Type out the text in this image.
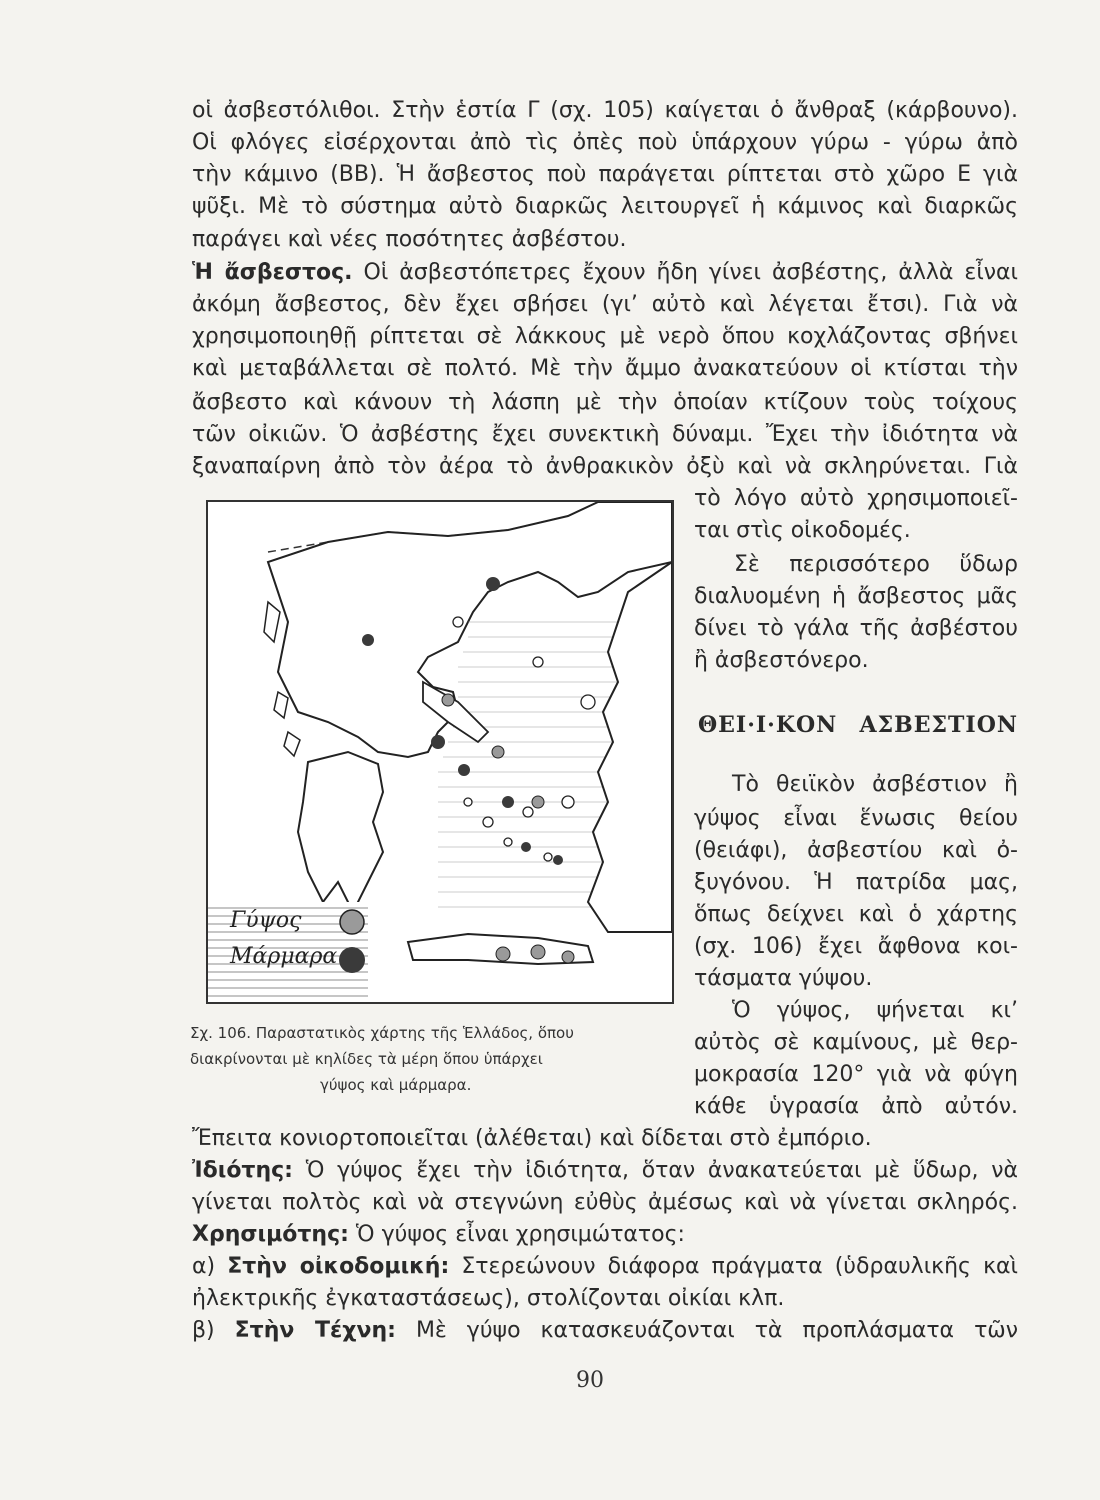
οἱ ἀσβεστόλιθοι. Στὴν ἑστία Γ (σχ. 105) καίγεται ὁ ἄνθραξ (κάρβουνο).
Οἱ φλόγες εἰσέρχονται ἀπὸ τὶς ὀπὲς ποὺ ὑπάρχουν γύρω - γύρω ἀπὸ
τὴν κάμινο (ΒΒ). Ἡ ἄσβεστος ποὺ παράγεται ρίπτεται στὸ χῶρο Ε γιὰ
ψῦξι. Μὲ τὸ σύστημα αὐτὸ διαρκῶς λειτουργεῖ ἡ κάμινος καὶ διαρκῶς
παράγει καὶ νέες ποσότητες ἀσβέστου.
Ἡ ἄσβεστος. Οἱ ἀσβεστόπετρες ἔχουν ἤδη γίνει ἀσβέστης, ἀλλὰ εἶναι
ἀκόμη ἄσβεστος, δὲν ἔχει σβήσει (γι’ αὐτὸ καὶ λέγεται ἔτσι). Γιὰ νὰ
χρησιμοποιηθῇ ρίπτεται σὲ λάκκους μὲ νερὸ ὅπου κοχλάζοντας σβήνει
καὶ μεταβάλλεται σὲ πολτό. Μὲ τὴν ἄμμο ἀνακατεύουν οἱ κτίσται τὴν
ἄσβεστο καὶ κάνουν τὴ λάσπη μὲ τὴν ὁποίαν κτίζουν τοὺς τοίχους
τῶν οἰκιῶν. Ὁ ἀσβέστης ἔχει συνεκτικὴ δύναμι. Ἔχει τὴν ἰδιότητα νὰ
ξαναπαίρνη ἀπὸ τὸν ἀέρα τὸ ἀνθρακικὸν ὀξὺ καὶ νὰ σκληρύνεται. Γιὰ
τὸ λόγο αὐτὸ χρησιμοποιεῖ-
ται στὶς οἰκοδομές.
Σὲ περισσότερο ὕδωρ
διαλυομένη ἡ ἄσβεστος μᾶς
δίνει τὸ γάλα τῆς ἀσβέστου
ἢ ἀσβεστόνερο.
ΘΕΙ·Ι·ΚΟΝ ΑΣΒΕΣΤΙΟΝ
Τὸ θειϊκὸν ἀσβέστιον ἢ
γύψος εἶναι ἕνωσις θείου
(θειάφι), ἀσβεστίου καὶ ὀ-
ξυγόνου. Ἡ πατρίδα μας,
ὅπως δείχνει καὶ ὁ χάρτης
(σχ. 106) ἔχει ἄφθονα κοι-
τάσματα γύψου.
Ὁ γύψος, ψήνεται κι’
αὐτὸς σὲ καμίνους, μὲ θερ-
μοκρασία 120° γιὰ νὰ φύγη
κάθε ὑγρασία ἀπὸ αὐτόν.
Γύψος
Μάρμαρα
Σχ. 106. Παραστατικὸς χάρτης τῆς Ἑλλάδος, ὅπου
διακρίνονται μὲ κηλίδες τὰ μέρη ὅπου ὑπάρχει
γύψος καὶ μάρμαρα.
Ἔπειτα κονιορτοποιεῖται (ἀλέθεται) καὶ δίδεται στὸ ἐμπόριο.
Ἰδιότης: Ὁ γύψος ἔχει τὴν ἰδιότητα, ὅταν ἀνακατεύεται μὲ ὕδωρ, νὰ
γίνεται πολτὸς καὶ νὰ στεγνώνη εὐθὺς ἀμέσως καὶ νὰ γίνεται σκληρός.
Χρησιμότης: Ὁ γύψος εἶναι χρησιμώτατος:
α) Στὴν οἰκοδομική: Στερεώνουν διάφορα πράγματα (ὑδραυλικῆς καὶ
ἠλεκτρικῆς ἐγκαταστάσεως), στολίζονται οἰκίαι κλπ.
β) Στὴν Τέχνη: Μὲ γύψο κατασκευάζονται τὰ προπλάσματα τῶν
90
